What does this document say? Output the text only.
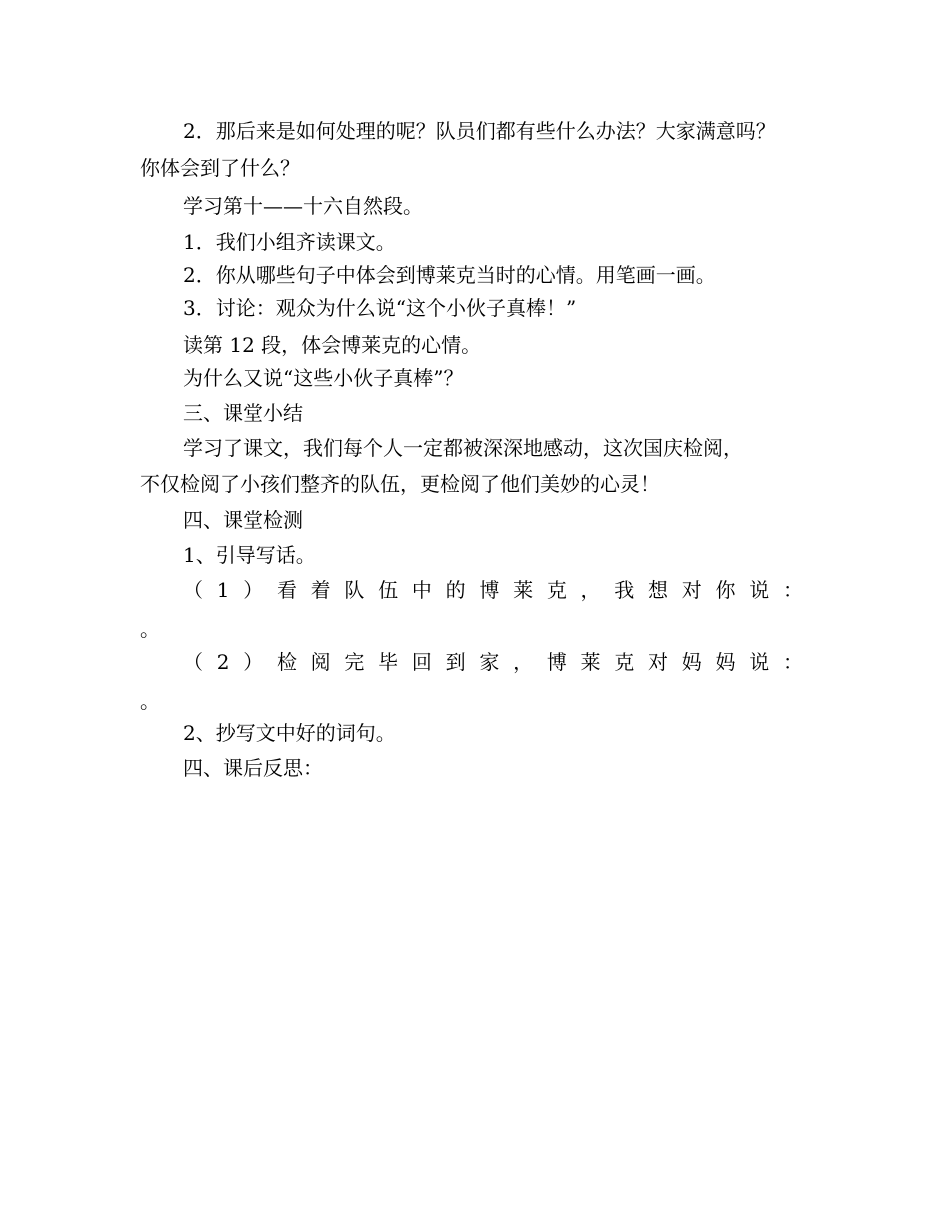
2．那后来是如何处理的呢？队员们都有些什么办法？大家满意吗？
你体会到了什么？
学习第十——十六自然段。
1．我们小组齐读课文。
2．你从哪些句子中体会到博莱克当时的心情。用笔画一画。
3．讨论：观众为什么说“这个小伙子真棒！”
读第 12 段，体会博莱克的心情。
为什么又说“这些小伙子真棒”？
三、课堂小结
学习了课文，我们每个人一定都被深深地感动，这次国庆检阅，
不仅检阅了小孩们整齐的队伍，更检阅了他们美妙的心灵！
四、课堂检测
1、引导写话。
（ 1 ） 看 着 队 伍 中 的 博 莱 克 ， 我 想 对 你 说 ：
。
（ 2 ） 检 阅 完 毕 回 到 家 ， 博 莱 克 对 妈 妈 说 ：
。
2、抄写文中好的词句。
四、课后反思：
